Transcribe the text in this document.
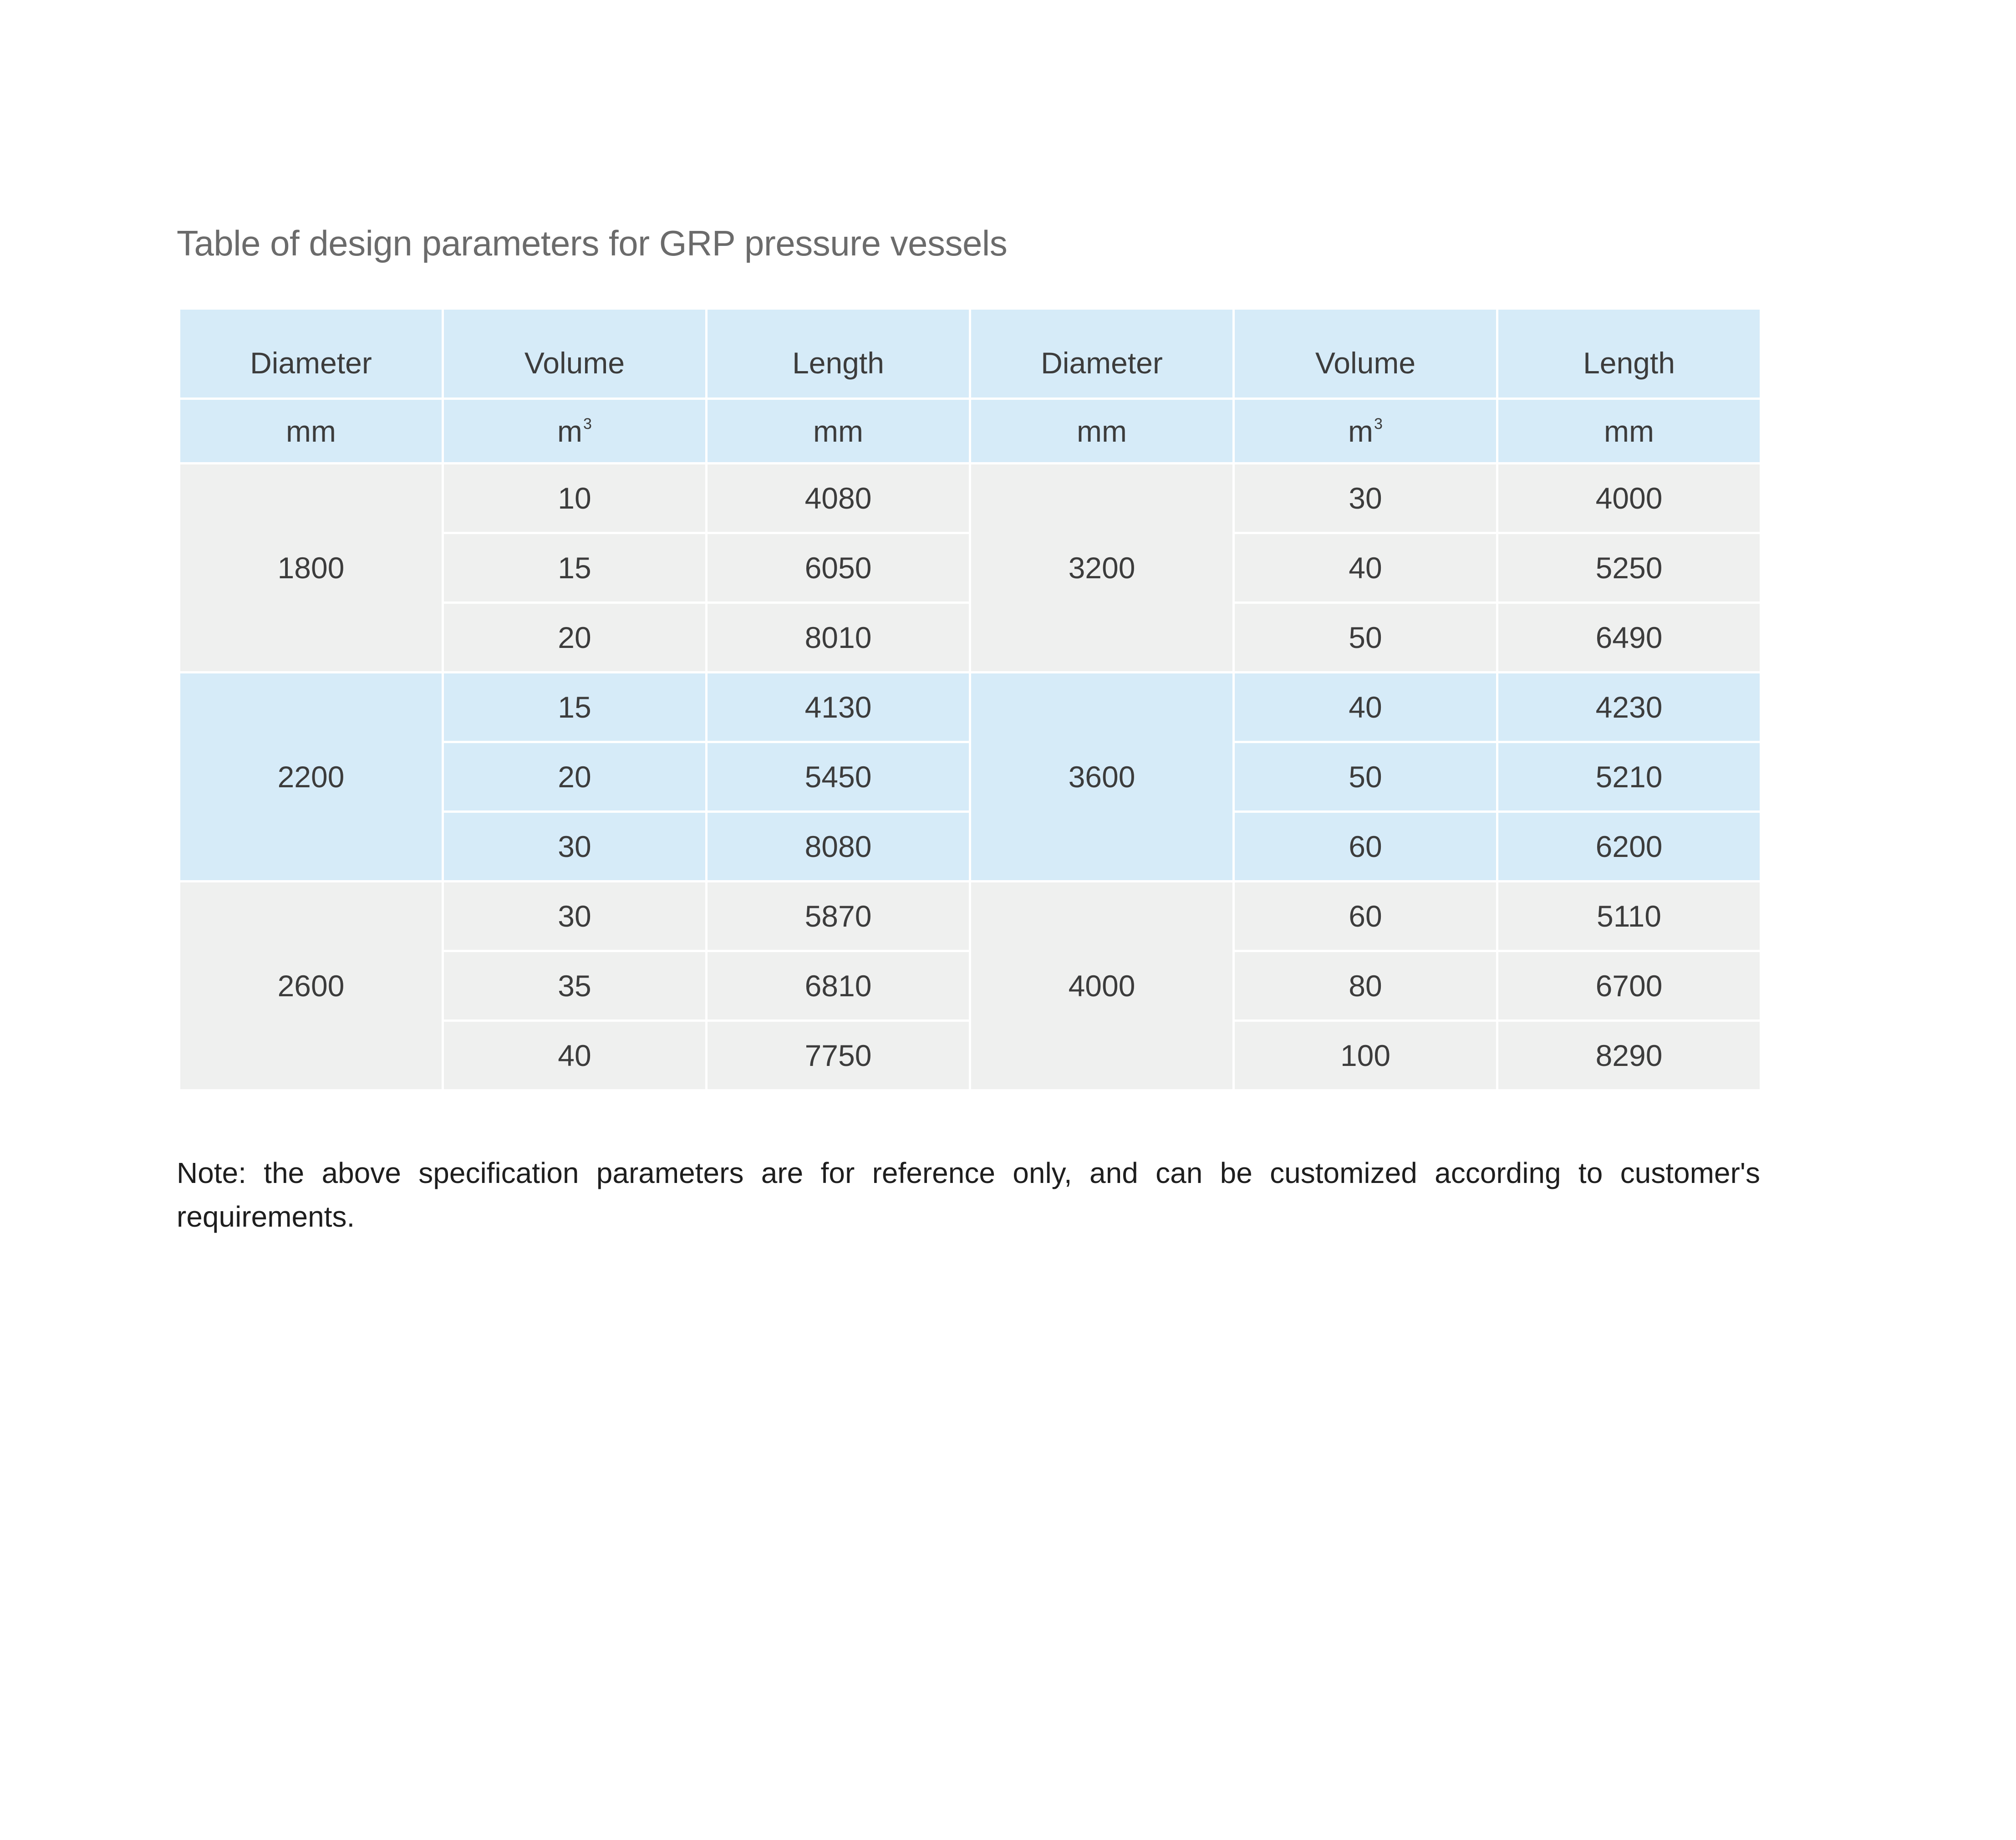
Table of design parameters for GRP pressure vessels
Diameter	Volume	Length	Diameter	Volume	Length
mm	$m^3$	mm	mm	$m^3$	mm
1800	10	4080	3200	30	4000
	15	6050		40	5250
	20	8010		50	6490
2200	15	4130	3600	40	4230
	20	5450		50	5210
	30	8080		60	6200
2600	30	5870	4000	60	5110
	35	6810		80	6700
	40	7750		100	8290

Note: the above specification parameters are for reference only, and can be customized according to customer's requirements.
